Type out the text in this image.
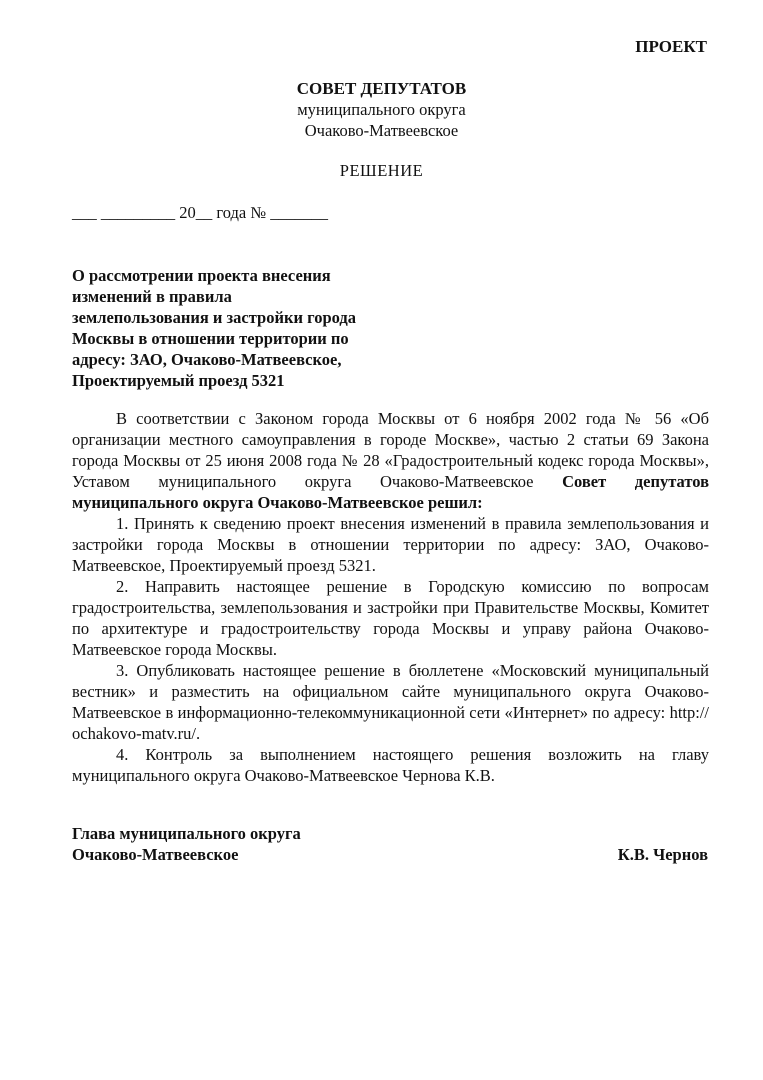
ПРОЕКТ
СОВЕТ ДЕПУТАТОВ
муниципального округа
Очаково-Матвеевское
РЕШЕНИЕ
___ _________ 20__ года № _______
О рассмотрении проекта внесения
изменений в правила
землепользования и застройки города
Москвы в отношении территории по
адресу: ЗАО, Очаково-Матвеевское,
Проектируемый проезд 5321

В соответствии с Законом города Москвы от 6 ноября 2002 года № 56 «Об организации местного самоуправления в городе Москве», частью 2 статьи 69 Закона города Москвы от 25 июня 2008 года № 28 «Градостроительный кодекс города Москвы», Уставом муниципального округа Очаково-Матвеевское Совет депутатов муниципального округа Очаково-Матвеевское решил:

1. Принять к сведению проект внесения изменений в правила землепользования и застройки города Москвы в отношении территории по адресу: ЗАО, Очаково-Матвеевское, Проектируемый проезд 5321.

2. Направить настоящее решение в Городскую комиссию по вопросам градостроительства, землепользования и застройки при Правительстве Москвы, Комитет по архитектуре и градостроительству города Москвы и управу района Очаково-Матвеевское города Москвы.

3. Опубликовать настоящее решение в бюллетене «Московский муниципальный вестник» и разместить на официальном сайте муниципального округа Очаково-Матвеевское в информационно-телекоммуникационной сети «Интернет» по адресу: http:// ochakovo-matv.ru/.

4. Контроль за выполнением настоящего решения возложить на главу муниципального округа Очаково-Матвеевское Чернова К.В.

Глава муниципального округа
Очаково-Матвеевское	К.В. Чернов
